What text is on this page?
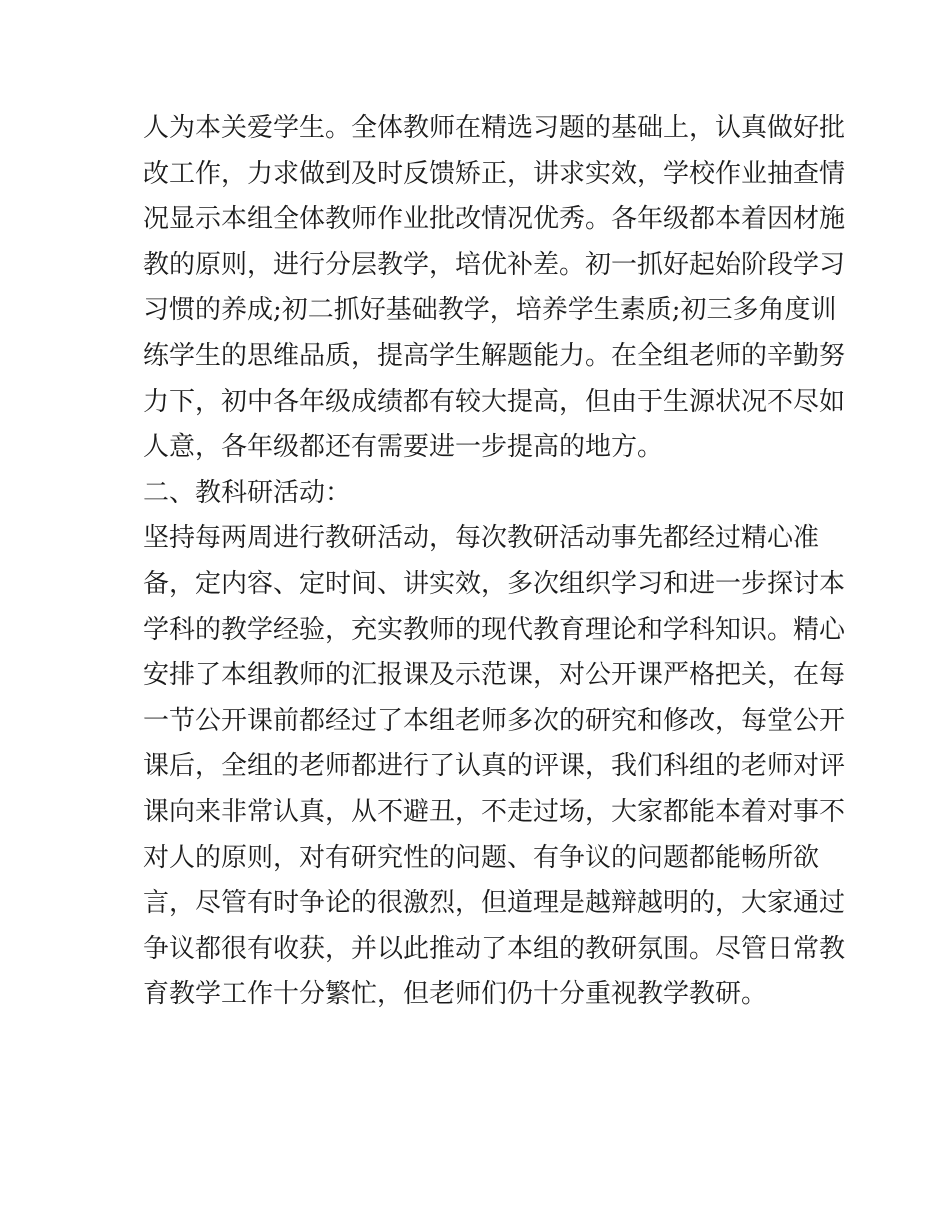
人为本关爱学生。全体教师在精选习题的基础上，认真做好批
改工作，力求做到及时反馈矫正，讲求实效，学校作业抽查情
况显示本组全体教师作业批改情况优秀。各年级都本着因材施
教的原则，进行分层教学，培优补差。初一抓好起始阶段学习
习惯的养成;初二抓好基础教学，培养学生素质;初三多角度训
练学生的思维品质，提高学生解题能力。在全组老师的辛勤努
力下，初中各年级成绩都有较大提高，但由于生源状况不尽如
人意，各年级都还有需要进一步提高的地方。
二、教科研活动：
坚持每两周进行教研活动，每次教研活动事先都经过精心准
备，定内容、定时间、讲实效，多次组织学习和进一步探讨本
学科的教学经验，充实教师的现代教育理论和学科知识。精心
安排了本组教师的汇报课及示范课，对公开课严格把关，在每
一节公开课前都经过了本组老师多次的研究和修改，每堂公开
课后，全组的老师都进行了认真的评课，我们科组的老师对评
课向来非常认真，从不避丑，不走过场，大家都能本着对事不
对人的原则，对有研究性的问题、有争议的问题都能畅所欲
言，尽管有时争论的很激烈，但道理是越辩越明的，大家通过
争议都很有收获，并以此推动了本组的教研氛围。尽管日常教
育教学工作十分繁忙，但老师们仍十分重视教学教研。
